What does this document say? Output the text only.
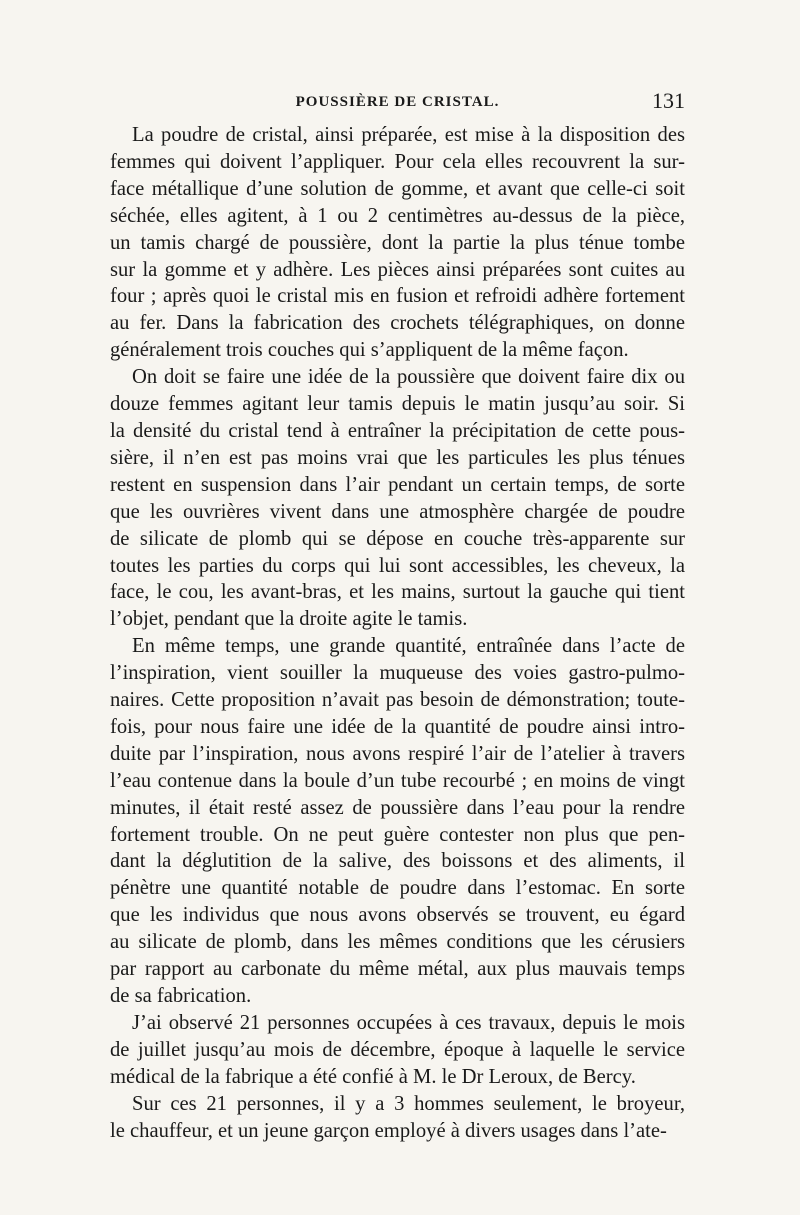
POUSSIÈRE DE CRISTAL.	131

La poudre de cristal, ainsi préparée, est mise à la disposition des
femmes qui doivent l’appliquer. Pour cela elles recouvrent la sur-
face métallique d’une solution de gomme, et avant que celle-ci soit
séchée, elles agitent, à 1 ou 2 centimètres au-dessus de la pièce,
un tamis chargé de poussière, dont la partie la plus ténue tombe
sur la gomme et y adhère. Les pièces ainsi préparées sont cuites au
four ; après quoi le cristal mis en fusion et refroidi adhère fortement
au fer. Dans la fabrication des crochets télégraphiques, on donne
généralement trois couches qui s’appliquent de la même façon.

On doit se faire une idée de la poussière que doivent faire dix ou
douze femmes agitant leur tamis depuis le matin jusqu’au soir. Si
la densité du cristal tend à entraîner la précipitation de cette pous-
sière, il n’en est pas moins vrai que les particules les plus ténues
restent en suspension dans l’air pendant un certain temps, de sorte
que les ouvrières vivent dans une atmosphère chargée de poudre
de silicate de plomb qui se dépose en couche très-apparente sur
toutes les parties du corps qui lui sont accessibles, les cheveux, la
face, le cou, les avant-bras, et les mains, surtout la gauche qui tient
l’objet, pendant que la droite agite le tamis.

En même temps, une grande quantité, entraînée dans l’acte de
l’inspiration, vient souiller la muqueuse des voies gastro-pulmo-
naires. Cette proposition n’avait pas besoin de démonstration; toute-
fois, pour nous faire une idée de la quantité de poudre ainsi intro-
duite par l’inspiration, nous avons respiré l’air de l’atelier à travers
l’eau contenue dans la boule d’un tube recourbé ; en moins de vingt
minutes, il était resté assez de poussière dans l’eau pour la rendre
fortement trouble. On ne peut guère contester non plus que pen-
dant la déglutition de la salive, des boissons et des aliments, il
pénètre une quantité notable de poudre dans l’estomac. En sorte
que les individus que nous avons observés se trouvent, eu égard
au silicate de plomb, dans les mêmes conditions que les cérusiers
par rapport au carbonate du même métal, aux plus mauvais temps
de sa fabrication.

J’ai observé 21 personnes occupées à ces travaux, depuis le mois
de juillet jusqu’au mois de décembre, époque à laquelle le service
médical de la fabrique a été confié à M. le Dr Leroux, de Bercy.

Sur ces 21 personnes, il y a 3 hommes seulement, le broyeur,
le chauffeur, et un jeune garçon employé à divers usages dans l’ate-
